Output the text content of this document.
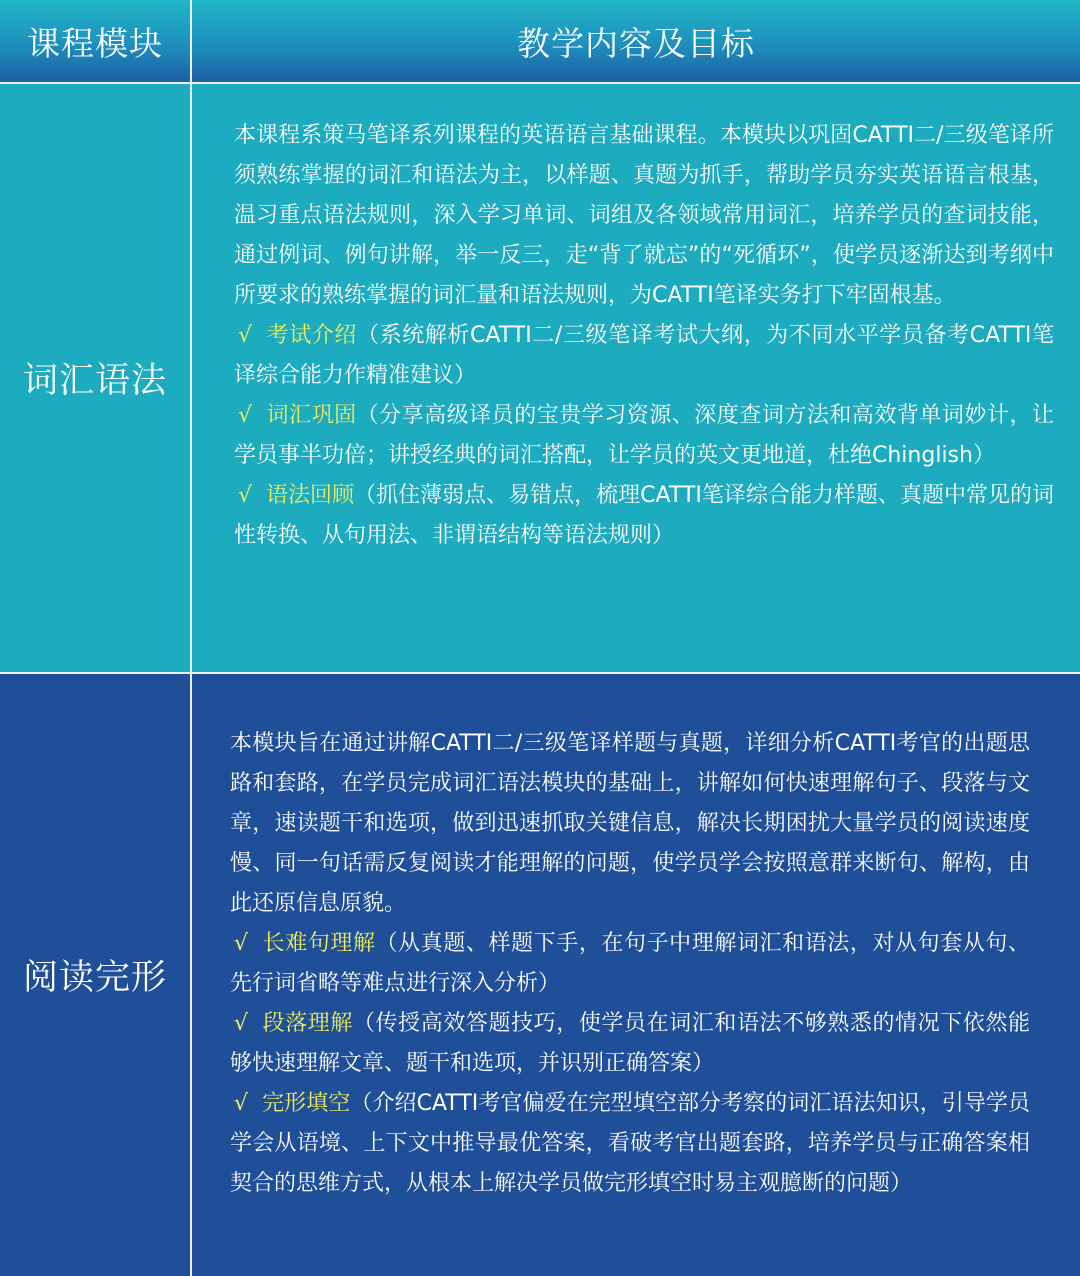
课程模块	教学内容及目标
词汇语法

本课程系策马笔译系列课程的英语语言基础课程。本模块以巩固CATTI二/三级笔译所须熟练掌握的词汇和语法为主，以样题、真题为抓手，帮助学员夯实英语语言根基，温习重点语法规则，深入学习单词、词组及各领域常用词汇，培养学员的查词技能，通过例词、例句讲解，举一反三，走“背了就忘”的“死循环”，使学员逐渐达到考纲中所要求的熟练掌握的词汇量和语法规则，为CATTI笔译实务打下牢固根基。

√ 考试介绍（系统解析CATTI二/三级笔译考试大纲，为不同水平学员备考CATTI笔译综合能力作精准建议）

√ 词汇巩固（分享高级译员的宝贵学习资源、深度查词方法和高效背单词妙计，让学员事半功倍；讲授经典的词汇搭配，让学员的英文更地道，杜绝Chinglish）

√ 语法回顾（抓住薄弱点、易错点，梳理CATTI笔译综合能力样题、真题中常见的词性转换、从句用法、非谓语结构等语法规则）

阅读完形

本模块旨在通过讲解CATTI二/三级笔译样题与真题，详细分析CATTI考官的出题思路和套路，在学员完成词汇语法模块的基础上，讲解如何快速理解句子、段落与文章，速读题干和选项，做到迅速抓取关键信息，解决长期困扰大量学员的阅读速度慢、同一句话需反复阅读才能理解的问题，使学员学会按照意群来断句、解构，由此还原信息原貌。

√ 长难句理解（从真题、样题下手，在句子中理解词汇和语法，对从句套从句、先行词省略等难点进行深入分析）

√ 段落理解（传授高效答题技巧，使学员在词汇和语法不够熟悉的情况下依然能够快速理解文章、题干和选项，并识别正确答案）

√ 完形填空（介绍CATTI考官偏爱在完型填空部分考察的词汇语法知识，引导学员学会从语境、上下文中推导最优答案，看破考官出题套路，培养学员与正确答案相契合的思维方式，从根本上解决学员做完形填空时易主观臆断的问题）
